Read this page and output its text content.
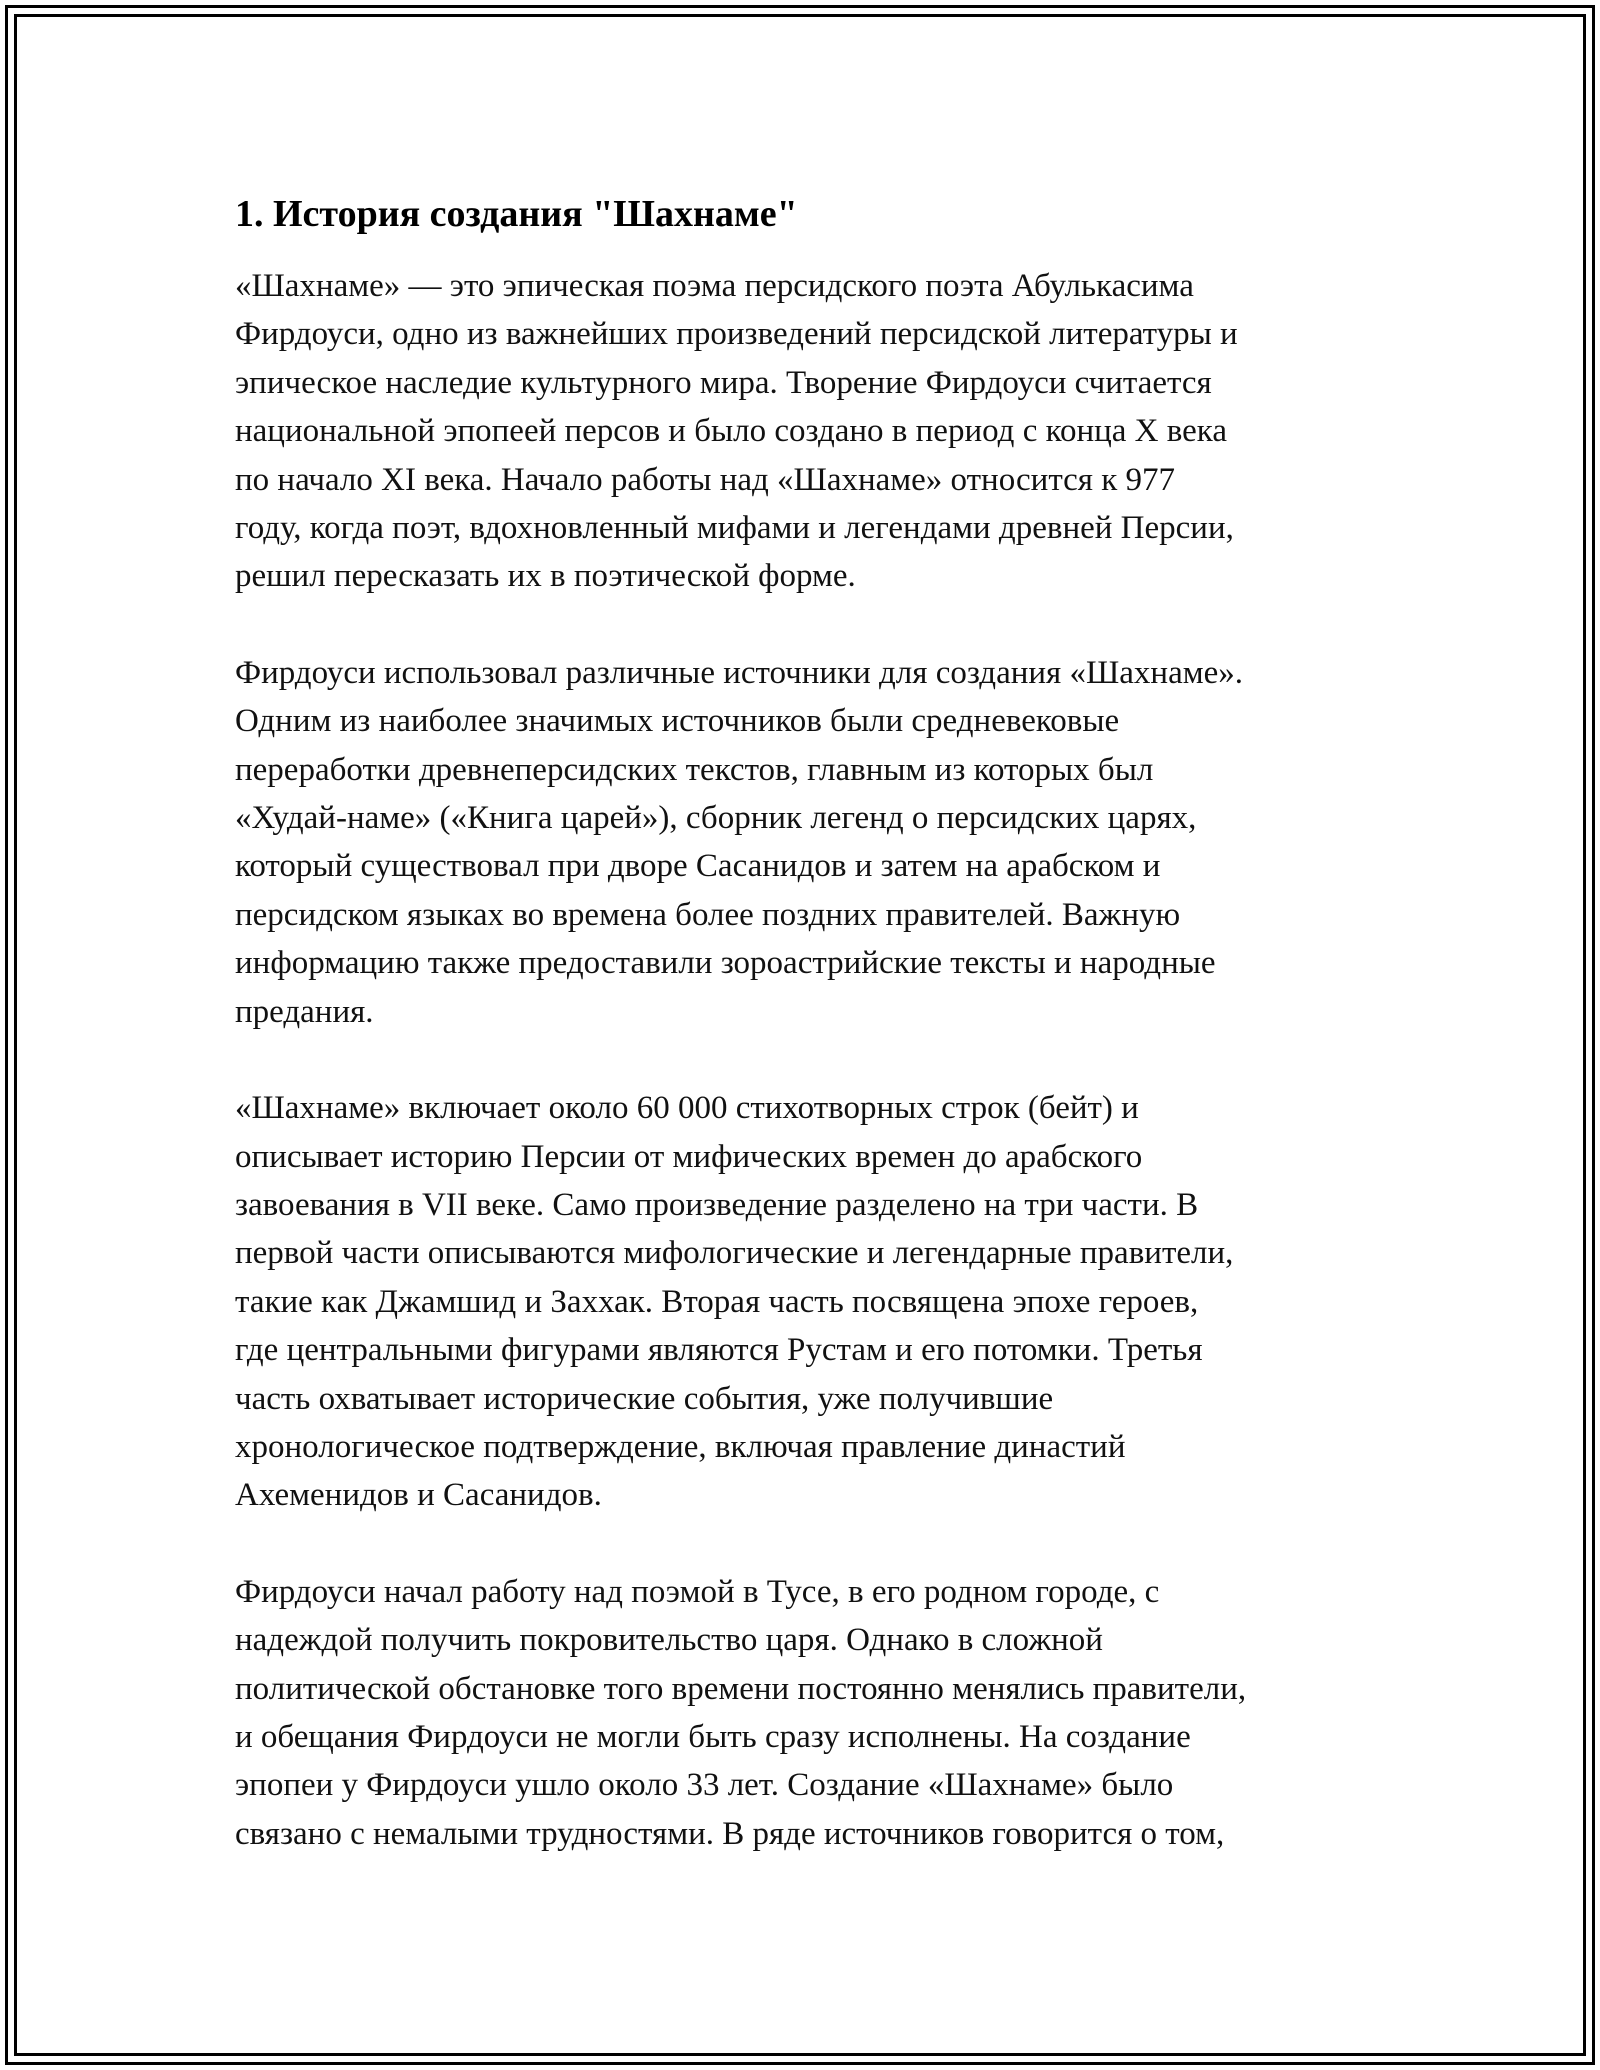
1. История создания "Шахнаме"

«Шахнаме» — это эпическая поэма персидского поэта Абулькасима
Фирдоуси, одно из важнейших произведений персидской литературы и
эпическое наследие культурного мира. Творение Фирдоуси считается
национальной эпопеей персов и было создано в период с конца X века
по начало XI века. Начало работы над «Шахнаме» относится к 977
году, когда поэт, вдохновленный мифами и легендами древней Персии,
решил пересказать их в поэтической форме.

Фирдоуси использовал различные источники для создания «Шахнаме».
Одним из наиболее значимых источников были средневековые
переработки древнеперсидских текстов, главным из которых был
«Худай-наме» («Книга царей»), сборник легенд о персидских царях,
который существовал при дворе Сасанидов и затем на арабском и
персидском языках во времена более поздних правителей. Важную
информацию также предоставили зороастрийские тексты и народные
предания.

«Шахнаме» включает около 60 000 стихотворных строк (бейт) и
описывает историю Персии от мифических времен до арабского
завоевания в VII веке. Само произведение разделено на три части. В
первой части описываются мифологические и легендарные правители,
такие как Джамшид и Заххак. Вторая часть посвящена эпохе героев,
где центральными фигурами являются Рустам и его потомки. Третья
часть охватывает исторические события, уже получившие
хронологическое подтверждение, включая правление династий
Ахеменидов и Сасанидов.

Фирдоуси начал работу над поэмой в Тусе, в его родном городе, с
надеждой получить покровительство царя. Однако в сложной
политической обстановке того времени постоянно менялись правители,
и обещания Фирдоуси не могли быть сразу исполнены. На создание
эпопеи у Фирдоуси ушло около 33 лет. Создание «Шахнаме» было
связано с немалыми трудностями. В ряде источников говорится о том,
